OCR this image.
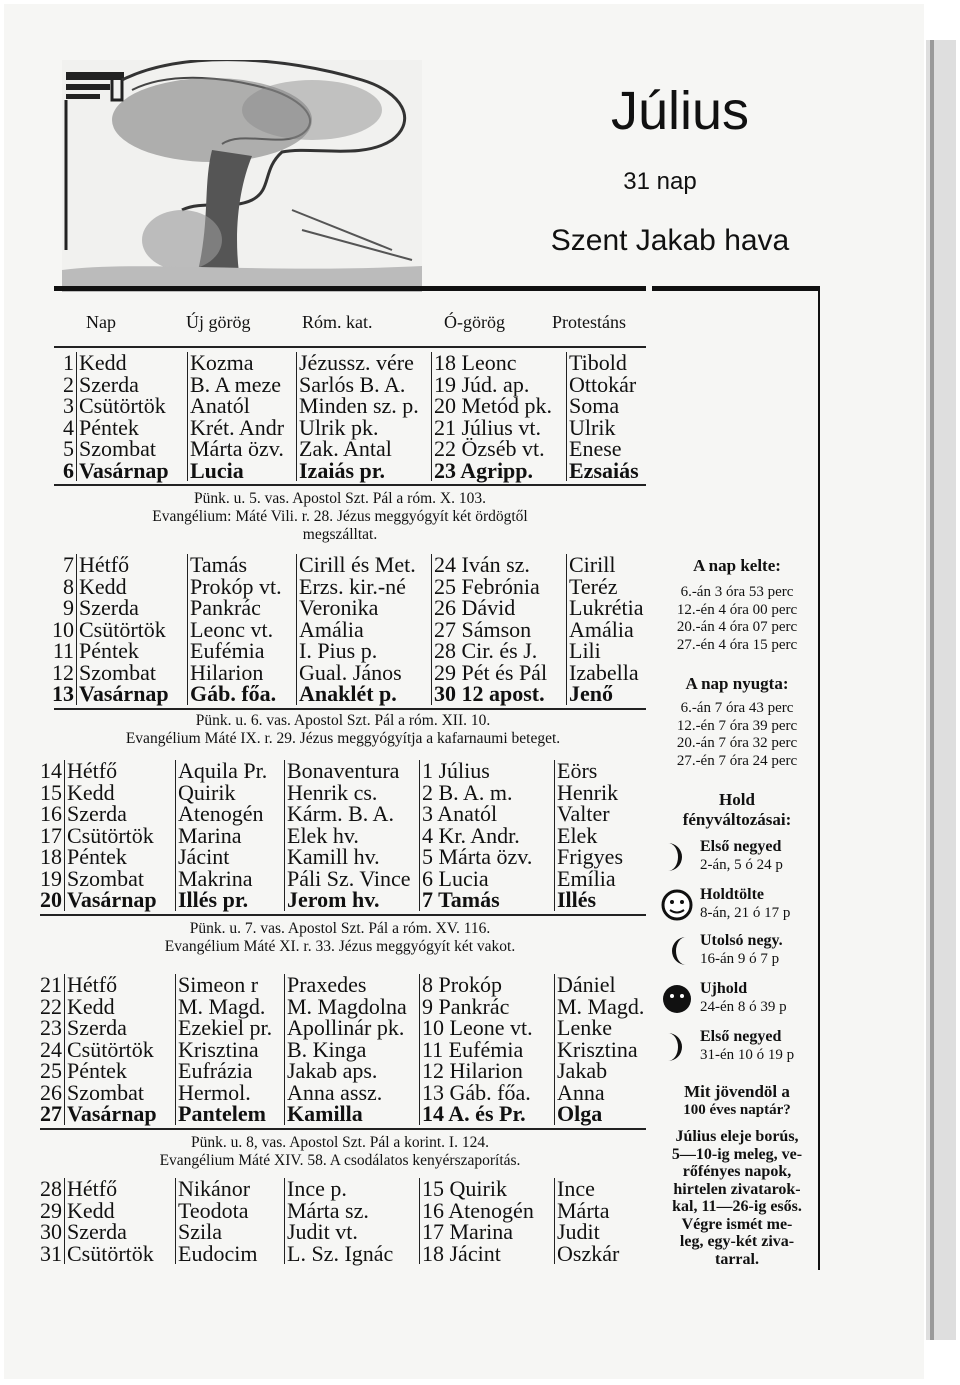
Július
31 nap
Szent Jakab hava
Nap	Új görög	Róm. kat.	Ó-görög	Protestáns
1	Kedd	Kozma	Jézussz. vére	18 Leonc	Tibold
2	Szerda	B. A meze	Sarlós B. A.	19 Júd. ap.	Ottokár
3	Csütörtök	Anatól	Minden sz. p.	20 Metód pk.	Soma
4	Péntek	Krét. Andr	Ulrik pk.	21 Július vt.	Ulrik
5	Szombat	Márta özv.	Zak. Antal	22 Özséb vt.	Enese
6	Vasárnap	Lucia	Izaiás pr.	23 Agripp.	Ezsaiás
Pünk. u. 5. vas. Apostol Szt. Pál a róm. X. 103.
Evangélium: Máté Vili. r. 28. Jézus meggyógyít két ördögtől
megszálltat.
7	Hétfő	Tamás	Cirill és Met.	24 Iván sz.	Cirill
8	Kedd	Prokóp vt.	Erzs. kir.-né	25 Febrónia	Teréz
9	Szerda	Pankrác	Veronika	26 Dávid	Lukrétia
10	Csütörtök	Leonc vt.	Amália	27 Sámson	Amália
11	Péntek	Eufémia	I. Pius p.	28 Cir. és J.	Lili
12	Szombat	Hilarion	Gual. János	29 Pét és Pál	Izabella
13	Vasárnap	Gáb. főa.	Anaklét p.	30 12 apost.	Jenő
Pünk. u. 6. vas. Apostol Szt. Pál a róm. XII. 10.
Evangélium Máté IX. r. 29. Jézus meggyógyítja a kafarnaumi beteget.
14	Hétfő	Aquila Pr.	Bonaventura	1 Július	Eörs
15	Kedd	Quirik	Henrik cs.	2 B. A. m.	Henrik
16	Szerda	Atenogén	Kárm. B. A.	3 Anatól	Valter
17	Csütörtök	Marina	Elek hv.	4 Kr. Andr.	Elek
18	Péntek	Jácint	Kamill hv.	5 Márta özv.	Frigyes
19	Szombat	Makrina	Páli Sz. Vince	6 Lucia	Emília
20	Vasárnap	Illés pr.	Jerom hv.	7 Tamás	Illés
Pünk. u. 7. vas. Apostol Szt. Pál a róm. XV. 116.
Evangélium Máté XI. r. 33. Jézus meggyógyít két vakot.
21	Hétfő	Simeon r	Praxedes	8 Prokóp	Dániel
22	Kedd	M. Magd.	M. Magdolna	9 Pankrác	M. Magd.
23	Szerda	Ezekiel pr.	Apollinár pk.	10 Leone vt.	Lenke
24	Csütörtök	Krisztina	B. Kinga	11 Eufémia	Krisztina
25	Péntek	Eufrázia	Jakab aps.	12 Hilarion	Jakab
26	Szombat	Hermol.	Anna assz.	13 Gáb. főa.	Anna
27	Vasárnap	Pantelem	Kamilla	14 A. és Pr.	Olga
Pünk. u. 8, vas. Apostol Szt. Pál a korint. I. 124.
Evangélium Máté XIV. 58. A csodálatos kenyérszaporítás.
28	Hétfő	Nikánor	Ince p.	15 Quirik	Ince
29	Kedd	Teodota	Márta sz.	16 Atenogén	Márta
30	Szerda	Szila	Judit vt.	17 Marina	Judit
31	Csütörtök	Eudocim	L. Sz. Ignác	18 Jácint	Oszkár
A nap kelte:
6.-án 3 óra 53 perc
12.-én 4 óra 00 perc
20.-án 4 óra 07 perc
27.-én 4 óra 15 perc
A nap nyugta:
6.-án 7 óra 43 perc
12.-én 7 óra 39 perc
20.-án 7 óra 32 perc
27.-én 7 óra 24 perc
Hold
fényváltozásai:
Első negyed
2-án, 5 ó 24 p
Holdtölte
8-án, 21 ó 17 p
Utolsó negy.
16-án 9 ó 7 p
Ujhold
24-én 8 ó 39 p
Első negyed
31-én 10 ó 19 p
Mit jövendöl a
100 éves naptár?
Július eleje borús,
5—10-ig meleg, ve-
rőfényes napok,
hirtelen zivatarok-
kal, 11—26-ig esős.
Végre ismét me-
leg, egy-két ziva-
tarral.
